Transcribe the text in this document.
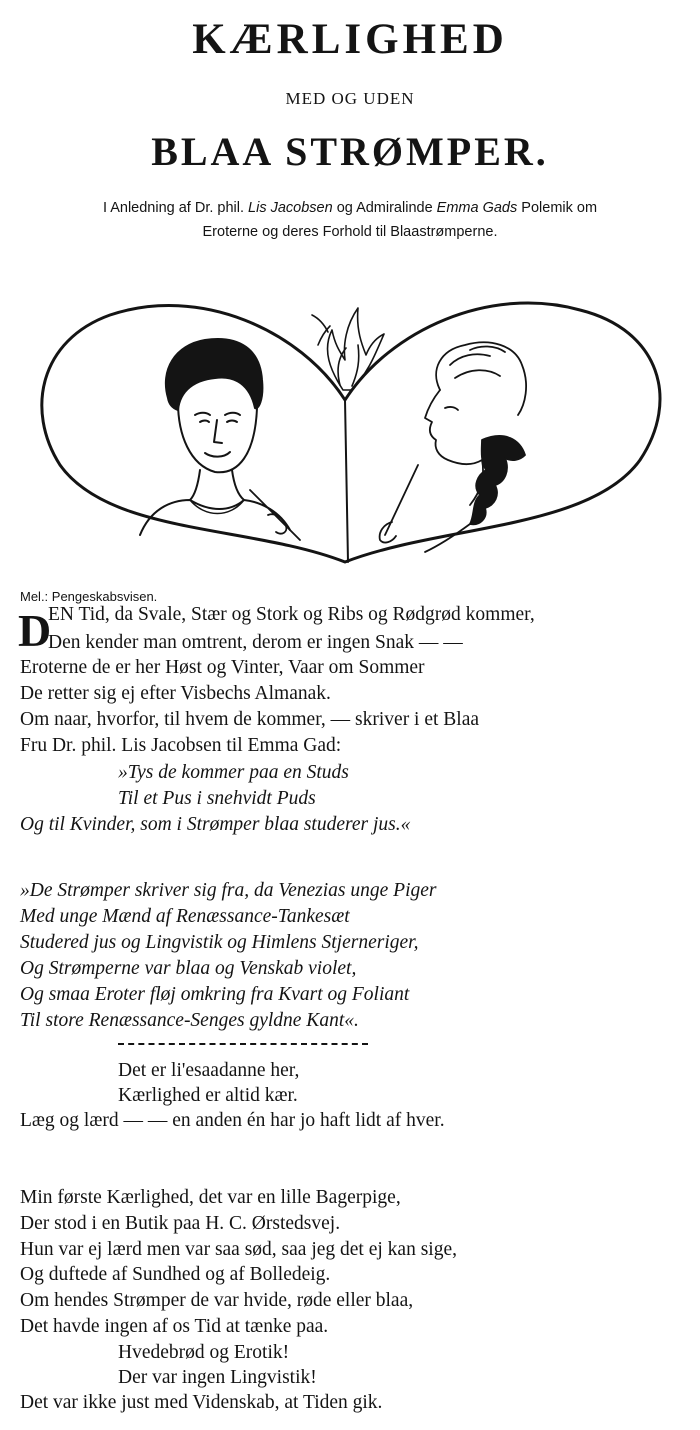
KÆRLIGHED
MED OG UDEN
BLAA STRØMPER.

I Anledning af Dr. phil. Lis Jacobsen og Admiralinde Emma Gads Polemik om
Eroterne og deres Forhold til Blaastrømperne.

Mel.: Pengeskabsvisen.
D
EN Tid, da Svale, Stær og Stork og Ribs og Rødgrød kommer,
Den kender man omtrent, derom er ingen Snak — —
Eroterne de er her Høst og Vinter, Vaar om Sommer
De retter sig ej efter Visbechs Almanak.
Om naar, hvorfor, til hvem de kommer, — skriver i et Blaa
Fru Dr. phil. Lis Jacobsen til Emma Gad:
»Tys de kommer paa en Studs
Til et Pus i snehvidt Puds
Og til Kvinder, som i Strømper blaa studerer jus.«
»De Strømper skriver sig fra, da Venezias unge Piger
Med unge Mænd af Renæssance-Tankesæt
Studered jus og Lingvistik og Himlens Stjerneriger,
Og Strømperne var blaa og Venskab violet,
Og smaa Eroter fløj omkring fra Kvart og Foliant
Til store Renæssance-Senges gyldne Kant«.
Det er li'esaadanne her,
Kærlighed er altid kær.
Læg og lærd — — en anden én har jo haft lidt af hver.
Min første Kærlighed, det var en lille Bagerpige,
Der stod i en Butik paa H. C. Ørstedsvej.
Hun var ej lærd men var saa sød, saa jeg det ej kan sige,
Og duftede af Sundhed og af Bolledeig.
Om hendes Strømper de var hvide, røde eller blaa,
Det havde ingen af os Tid at tænke paa.
Hvedebrød og Erotik!
Der var ingen Lingvistik!
Det var ikke just med Videnskab, at Tiden gik.
